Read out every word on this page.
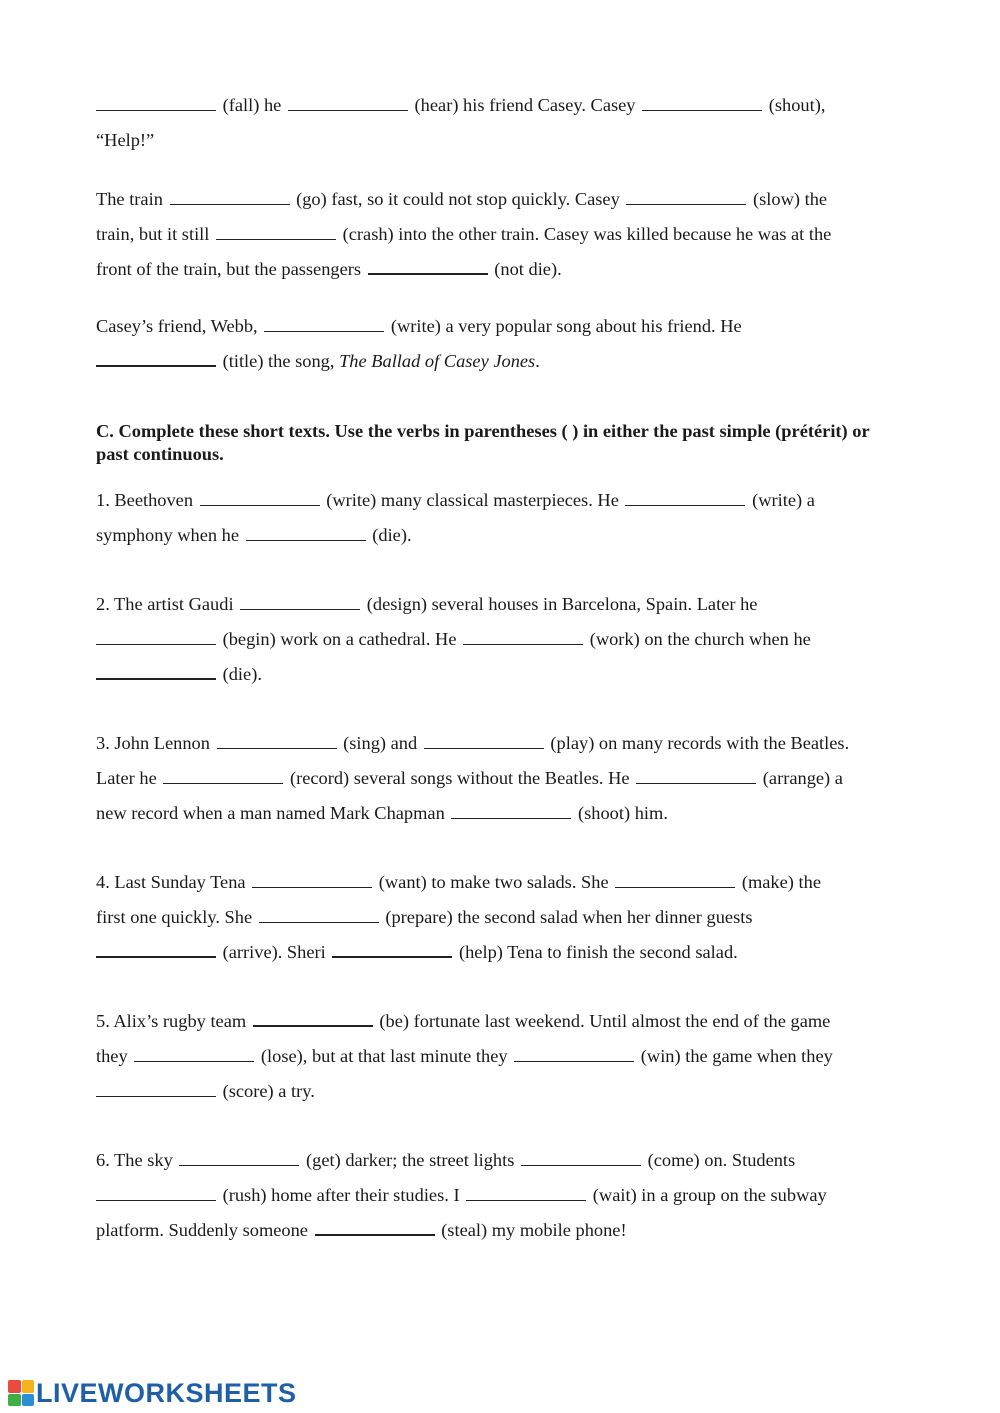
(fall) he	(hear) his friend Casey. Casey	(shout),
“Help!”

The train	(go) fast, so it could not stop quickly. Casey	(slow) the
train, but it still	(crash) into the other train. Casey was killed because he was at the
front of the train, but the passengers	(not die).

Casey’s friend, Webb,	(write) a very popular song about his friend. He
(title) the song, The Ballad of Casey Jones.

C. Complete these short texts. Use the verbs in parentheses ( ) in either the past simple (prétérit) or past continuous.

1. Beethoven	(write) many classical masterpieces. He	(write) a
symphony when he	(die).

2. The artist Gaudi	(design) several houses in Barcelona, Spain. Later he
(begin) work on a cathedral. He	(work) on the church when he
(die).

3. John Lennon	(sing) and	(play) on many records with the Beatles.
Later he	(record) several songs without the Beatles. He	(arrange) a
new record when a man named Mark Chapman	(shoot) him.

4. Last Sunday Tena	(want) to make two salads. She	(make) the
first one quickly. She	(prepare) the second salad when her dinner guests
(arrive). Sheri	(help) Tena to finish the second salad.

5. Alix’s rugby team	(be) fortunate last weekend. Until almost the end of the game
they	(lose), but at that last minute they	(win) the game when they
(score) a try.

6. The sky	(get) darker; the street lights	(come) on. Students
(rush) home after their studies. I	(wait) in a group on the subway
platform. Suddenly someone	(steal) my mobile phone!

LIVEWORKSHEETS
